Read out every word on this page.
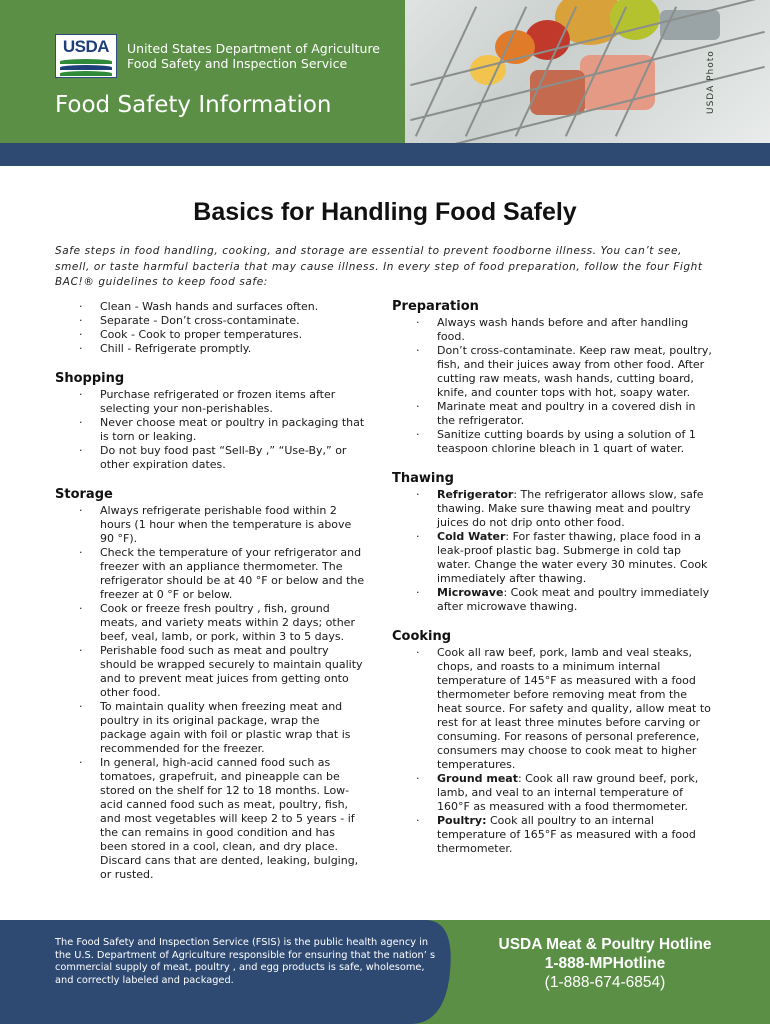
USDA Photo
USDA	United States Department of Agriculture
Food Safety and Inspection Service
Food Safety Information
Basics for Handling Food Safely
Safe steps in food handling, cooking, and storage are essential to prevent foodborne illness. You can’t see, smell, or taste harmful bacteria that may cause illness. In every step of food preparation, follow the four Fight BAC!® guidelines to keep food safe:
· Clean - Wash hands and surfaces often.
· Separate - Don’t cross-contaminate.
· Cook - Cook to proper temperatures.
· Chill - Refrigerate promptly.
Shopping
· Purchase refrigerated or frozen items after selecting your non-perishables.
· Never choose meat or poultry in packaging that is torn or leaking.
· Do not buy food past “Sell-By ,” “Use-By,” or other expiration dates.
Storage
· Always refrigerate perishable food within 2 hours (1 hour when the temperature is above 90 °F).
· Check the temperature of your refrigerator and freezer with an appliance thermometer. The refrigerator should be at 40 °F or below and the freezer at 0 °F or below.
· Cook or freeze fresh poultry , fish, ground meats, and variety meats within 2 days; other beef, veal, lamb, or pork, within 3 to 5 days.
· Perishable food such as meat and poultry should be wrapped securely to maintain quality and to prevent meat juices from getting onto other food.
· To maintain quality when freezing meat and poultry in its original package, wrap the package again with foil or plastic wrap that is recommended for the freezer.
· In general, high-acid canned food such as tomatoes, grapefruit, and pineapple can be stored on the shelf for 12 to 18 months. Low-acid canned food such as meat, poultry, fish, and most vegetables will keep 2 to 5 years - if the can remains in good condition and has been stored in a cool, clean, and dry place. Discard cans that are dented, leaking, bulging, or rusted.
Preparation
· Always wash hands before and after handling food.
· Don’t cross-contaminate. Keep raw meat, poultry, fish, and their juices away from other food. After cutting raw meats, wash hands, cutting board, knife, and counter tops with hot, soapy water.
· Marinate meat and poultry in a covered dish in the refrigerator.
· Sanitize cutting boards by using a solution of 1 teaspoon chlorine bleach in 1 quart of water.
Thawing
· Refrigerator: The refrigerator allows slow, safe thawing. Make sure thawing meat and poultry juices do not drip onto other food.
· Cold Water: For faster thawing, place food in a leak-proof plastic bag. Submerge in cold tap water. Change the water every 30 minutes. Cook immediately after thawing.
· Microwave: Cook meat and poultry immediately after microwave thawing.
Cooking
· Cook all raw beef, pork, lamb and veal steaks, chops, and roasts to a minimum internal temperature of 145°F as measured with a food thermometer before removing meat from the heat source. For safety and quality, allow meat to rest for at least three minutes before carving or consuming. For reasons of personal preference, consumers may choose to cook meat to higher temperatures.
· Ground meat: Cook all raw ground beef, pork, lamb, and veal to an internal temperature of 160°F as measured with a food thermometer.
· Poultry: Cook all poultry to an internal temperature of 165°F as measured with a food thermometer.
The Food Safety and Inspection Service (FSIS) is the public health agency in the U.S. Department of Agriculture responsible for ensuring that the nation’ s commercial supply of meat, poultry , and egg products is safe, wholesome, and correctly labeled and packaged.
USDA Meat & Poultry Hotline
1-888-MPHotline
(1-888-674-6854)
